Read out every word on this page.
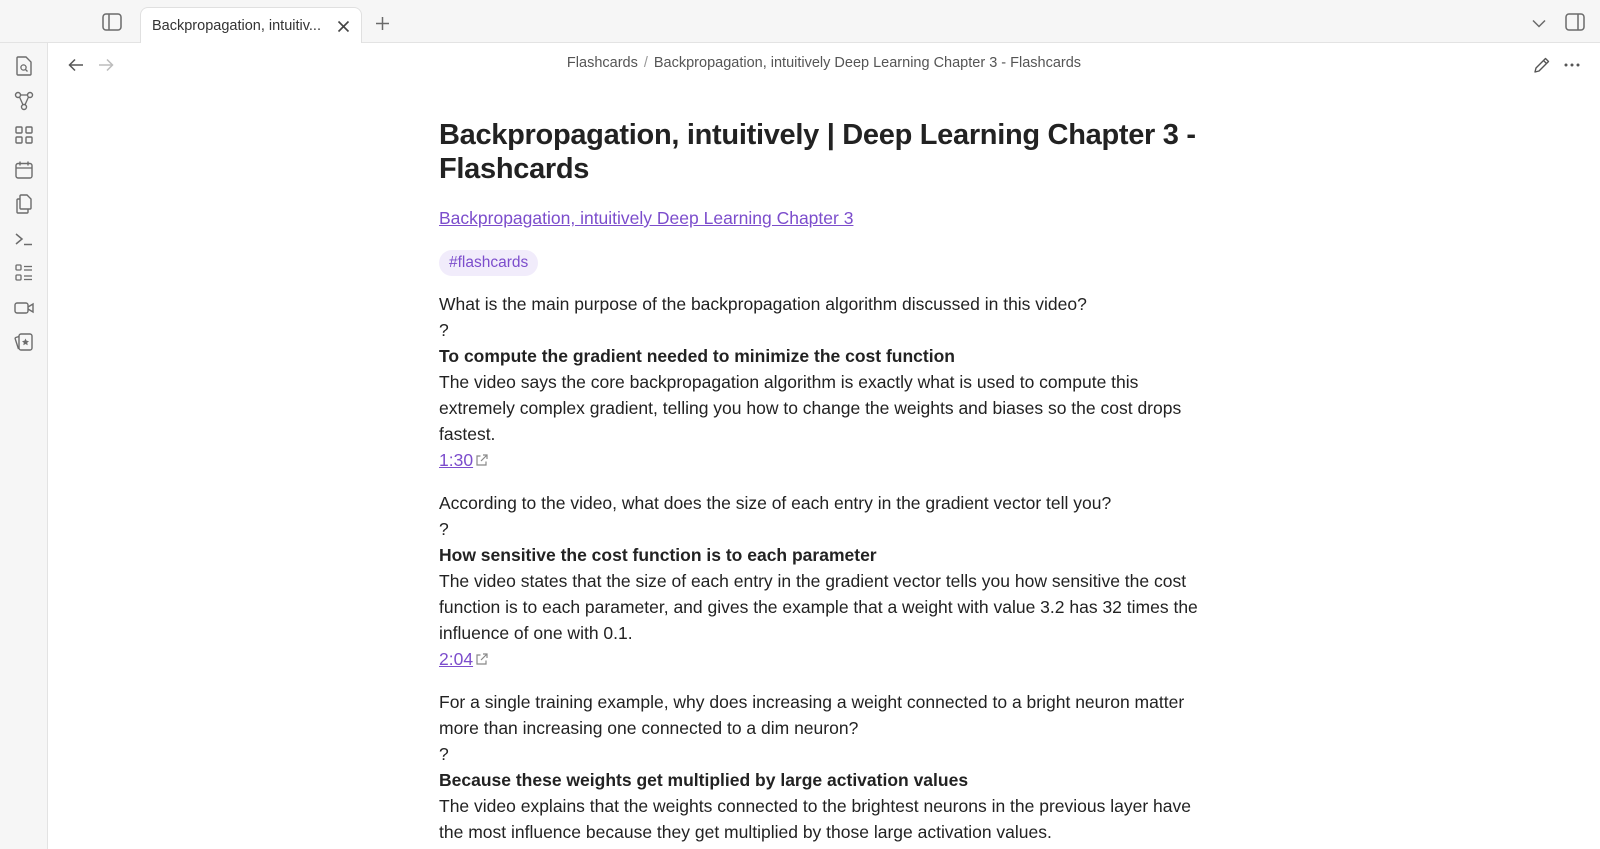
Backpropagation, intuitiv...
Flashcards / Backpropagation, intuitively Deep Learning Chapter 3 - Flashcards
Backpropagation, intuitively | Deep Learning Chapter 3 - Flashcards
Backpropagation, intuitively Deep Learning Chapter 3
#flashcards
What is the main purpose of the backpropagation algorithm discussed in this video?
?
To compute the gradient needed to minimize the cost function
The video says the core backpropagation algorithm is exactly what is used to compute this extremely complex gradient, telling you how to change the weights and biases so the cost drops fastest.
1:30
According to the video, what does the size of each entry in the gradient vector tell you?
?
How sensitive the cost function is to each parameter
The video states that the size of each entry in the gradient vector tells you how sensitive the cost function is to each parameter, and gives the example that a weight with value 3.2 has 32 times the influence of one with 0.1.
2:04
For a single training example, why does increasing a weight connected to a bright neuron matter more than increasing one connected to a dim neuron?
?
Because these weights get multiplied by large activation values
The video explains that the weights connected to the brightest neurons in the previous layer have the most influence because they get multiplied by those large activation values.
